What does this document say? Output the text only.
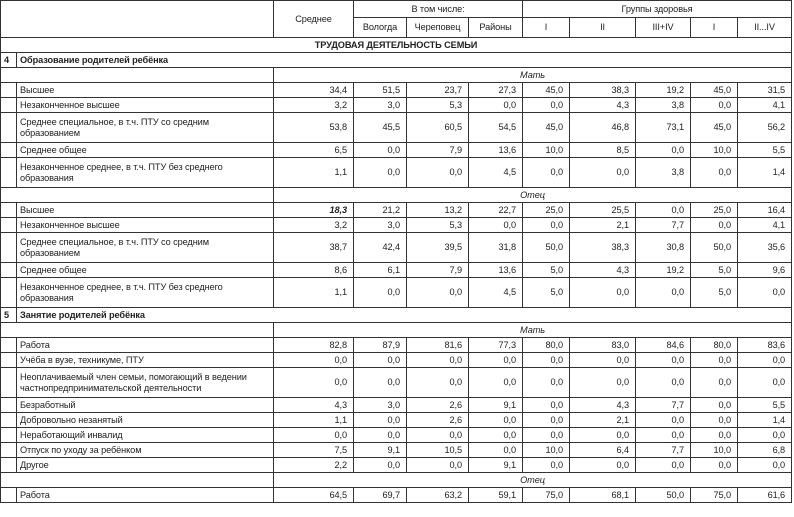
		Среднее	В том числе:			Группы здоровья				
			Вологда	Череповец	Районы	I	II	III+IV	I	II...IV
ТРУДОВАЯ ДЕЯТЕЛЬНОСТЬ СЕМЬИ										
4	Образование родителей ребёнка									
		Мать								
	Высшее	34,4	51,5	23,7	27,3	45,0	38,3	19,2	45,0	31,5
	Незаконченное высшее	3,2	3,0	5,3	0,0	0,0	4,3	3,8	0,0	4,1
	Среднее специальное, в т.ч. ПТУ со средним образованием	53,8	45,5	60,5	54,5	45,0	46,8	73,1	45,0	56,2
	Среднее общее	6,5	0,0	7,9	13,6	10,0	8,5	0,0	10,0	5,5
	Незаконченное среднее, в т.ч. ПТУ без среднего образования	1,1	0,0	0,0	4,5	0,0	0,0	3,8	0,0	1,4
		Отец								
	Высшее	18,3	21,2	13,2	22,7	25,0	25,5	0,0	25,0	16,4
	Незаконченное высшее	3,2	3,0	5,3	0,0	0,0	2,1	7,7	0,0	4,1
	Среднее специальное, в т.ч. ПТУ со средним образованием	38,7	42,4	39,5	31,8	50,0	38,3	30,8	50,0	35,6
	Среднее общее	8,6	6,1	7,9	13,6	5,0	4,3	19,2	5,0	9,6
	Незаконченное среднее, в т.ч. ПТУ без среднего образования	1,1	0,0	0,0	4,5	5,0	0,0	0,0	5,0	0,0
5	Занятие родителей ребёнка									
		Мать								
	Работа	82,8	87,9	81,6	77,3	80,0	83,0	84,6	80,0	83,6
	Учёба в вузе, техникуме, ПТУ	0,0	0,0	0,0	0,0	0,0	0,0	0,0	0,0	0,0
	Неоплачиваемый член семьи, помогающий в ведении частнопредпринимательской деятельности	0,0	0,0	0,0	0,0	0,0	0,0	0,0	0,0	0,0
	Безработный	4,3	3,0	2,6	9,1	0,0	4,3	7,7	0,0	5,5
	Добровольно незанятый	1,1	0,0	2,6	0,0	0,0	2,1	0,0	0,0	1,4
	Неработающий инвалид	0,0	0,0	0,0	0,0	0,0	0,0	0,0	0,0	0,0
	Отпуск по уходу за ребёнком	7,5	9,1	10,5	0,0	10,0	6,4	7,7	10,0	6,8
	Другое	2,2	0,0	0,0	9,1	0,0	0,0	0,0	0,0	0,0
		Отец								
	Работа	64,5	69,7	63,2	59,1	75,0	68,1	50,0	75,0	61,6
